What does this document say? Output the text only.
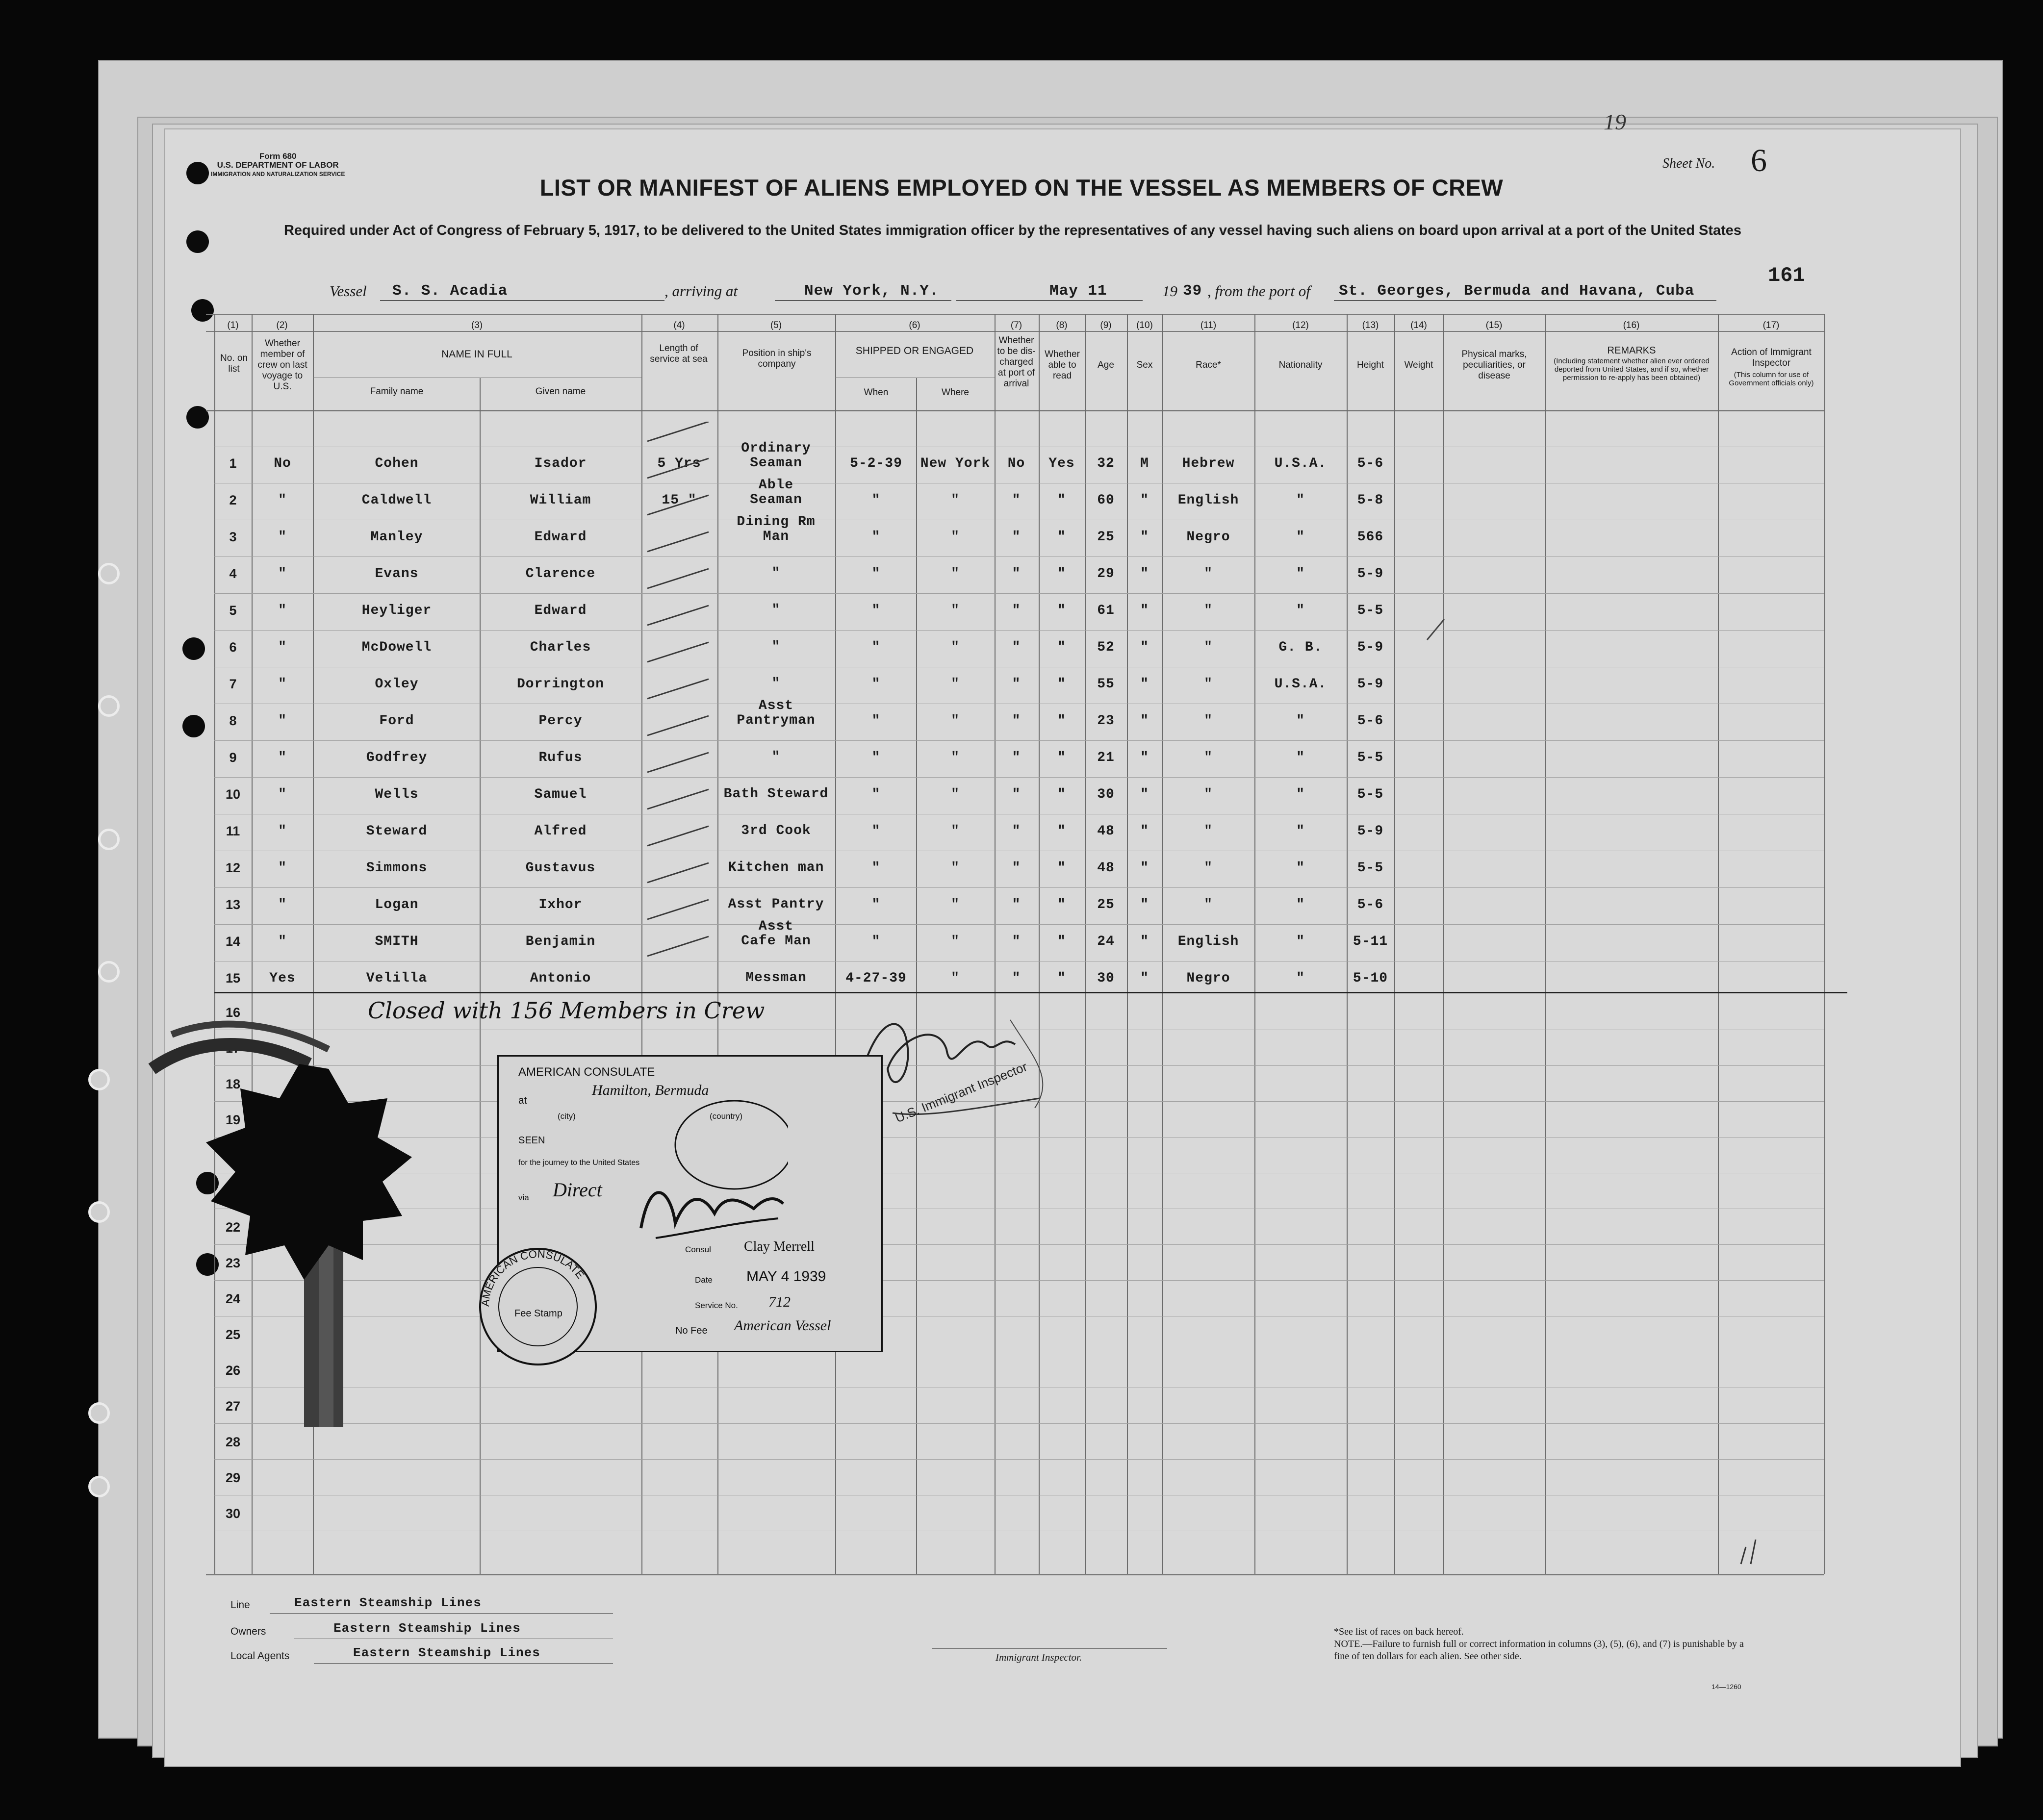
Form 680
U.S. DEPARTMENT OF LABOR
IMMIGRATION AND NATURALIZATION SERVICE
19
Sheet No. 6
LIST OR MANIFEST OF ALIENS EMPLOYED ON THE VESSEL AS MEMBERS OF CREW
Required under Act of Congress of February 5, 1917, to be delivered to the United States immigration officer by the representatives of any vessel having such aliens on board upon arrival at a port of the United States
Vessel S. S. Acadia	, arriving at	New York, N.Y.	May 11	19 39 , from the port of St. Georges, Bermuda and Havana, Cuba
161
(1)	(2)	(3)	(4)	(5)	(6)	(7)	(8)	(9)	(10)	(11)	(12)	(13)	(14)	(15)	(16)	(17)
No. on list
Whether member of crew on last voyage to U.S.
NAME IN FULL
Family name	Given name
Length of service at sea
Position in ship's company
SHIPPED OR ENGAGED
When	Where
Whether to be dis-charged at port of arrival
Whether able to read
Age	Sex	Race*	Nationality	Height	Weight
Physical marks, peculiarities, or disease
REMARKS
(Including statement whether alien ever ordered deported from United States, and if so, whether permission to re-apply has been obtained)
Action of Immigrant Inspector
(This column for use of Government officials only)
1	No	Cohen	Isador	5 Yrs	5-2-39	New York	No	Yes	32	M	Hebrew	U.S.A.	5-6
Ordinary
Seaman
2	"	Caldwell	William	15 "	"	"	"	"	60	"	English	"	5-8
Able
Seaman
3	"	Manley	Edward	"	"	"	"	25	"	Negro	"	566
Dining Rm
Man
4	"	Evans	Clarence	"	"	"	"	29	"	"	"	5-9
"
5	"	Heyliger	Edward	"	"	"	"	61	"	"	"	5-5
"
6	"	McDowell	Charles	"	"	"	"	52	"	"	G. B.	5-9
"
7	"	Oxley	Dorrington	"	"	"	"	55	"	"	U.S.A.	5-9
"
8	"	Ford	Percy	"	"	"	"	23	"	"	"	5-6
Asst
Pantryman
9	"	Godfrey	Rufus	"	"	"	"	21	"	"	"	5-5
"
10	"	Wells	Samuel	"	"	"	"	30	"	"	"	5-5
Bath Steward
11	"	Steward	Alfred	"	"	"	"	48	"	"	"	5-9
3rd Cook
12	"	Simmons	Gustavus	"	"	"	"	48	"	"	"	5-5
Kitchen man
13	"	Logan	Ixhor	"	"	"	"	25	"	"	"	5-6
Asst Pantry
14	"	SMITH	Benjamin	"	"	"	"	24	"	English	"	5-11
Asst
Cafe Man
15	Yes	Velilla	Antonio	4-27-39	"	"	"	30	"	Negro	"	5-10
Messman
16
17
18
19
22
23
24
25
26
27
28
29
30
Closed with 156 Members in Crew
U.S. Immigrant Inspector
AMERICAN CONSULATE
at
Hamilton, Bermuda
(city)	(country)
SEEN
for the journey to the United States
via Direct
Consul Clay Merrell
Date MAY 4 1939
Service No. 712
No Fee American Vessel
AMERICAN CONSULATE
Fee Stamp
Line	Eastern Steamship Lines
Owners	Eastern Steamship Lines
Local Agents	Eastern Steamship Lines	Immigrant Inspector.
*See list of races on back hereof.
NOTE.—Failure to furnish full or correct information in columns (3), (5), (6), and (7) is punishable by a fine of ten dollars for each alien. See other side.
14—1260
